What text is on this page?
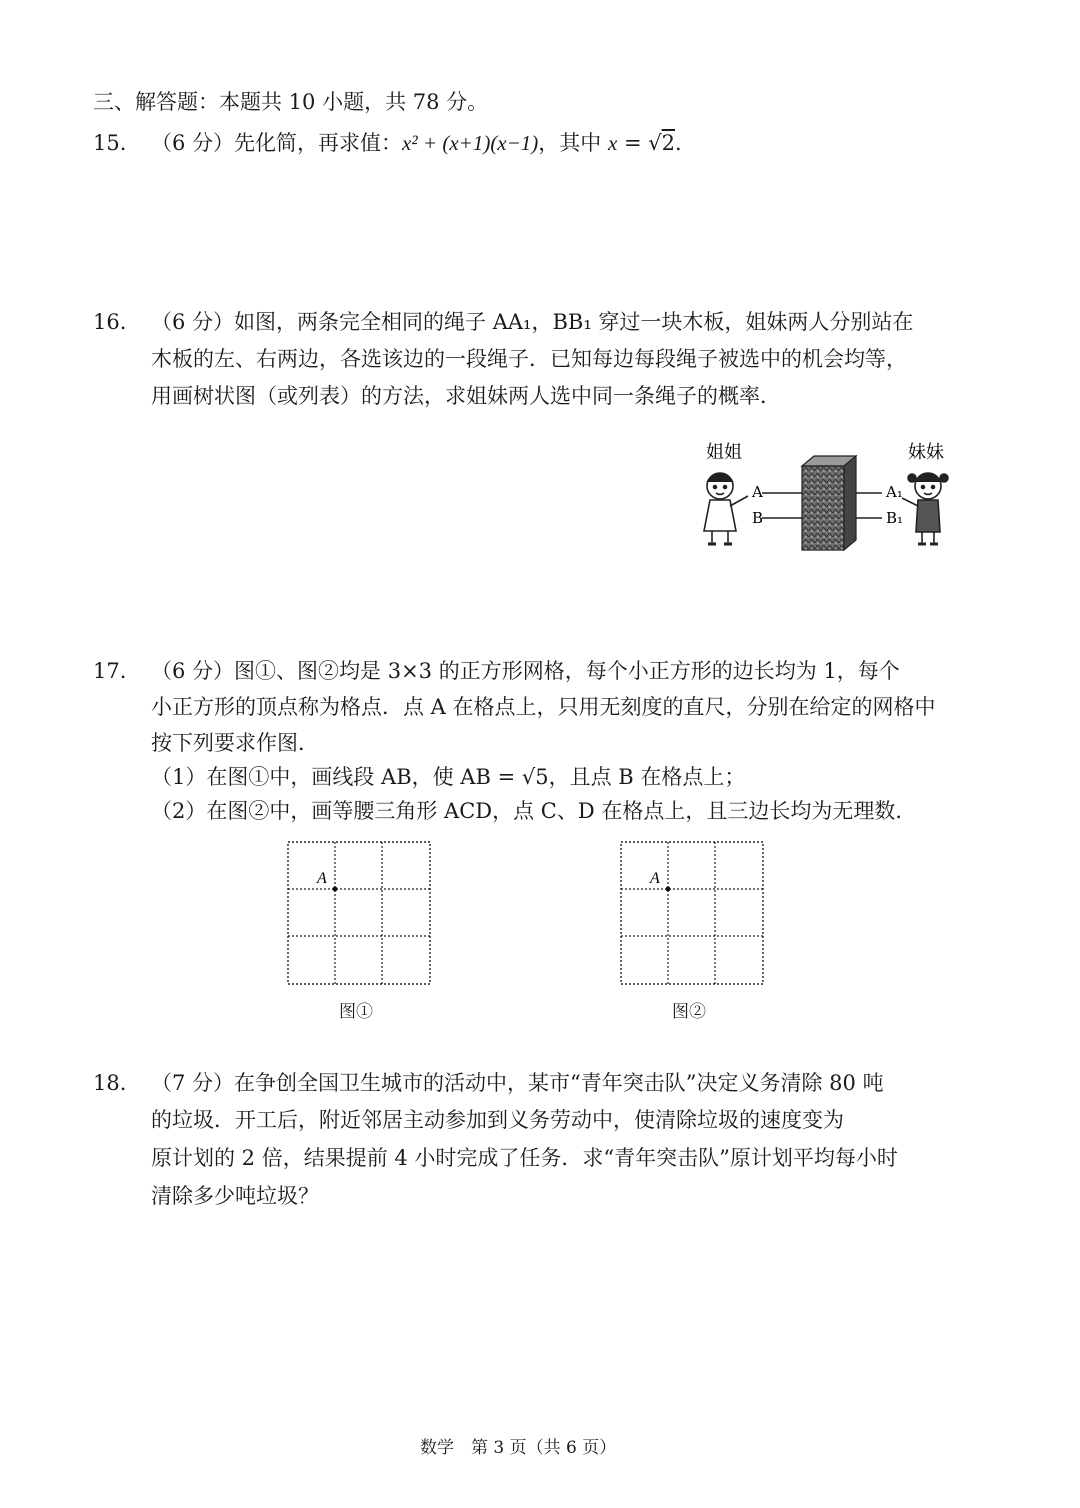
三、解答题：本题共 10 小题，共 78 分。
15. （6 分）先化简，再求值：x² + (x+1)(x−1)，其中 x = √2.
16. （6 分）如图，两条完全相同的绳子 AA₁，BB₁ 穿过一块木板，姐妹两人分别站在
木板的左、右两边，各选该边的一段绳子．已知每边每段绳子被选中的机会均等，
用画树状图（或列表）的方法，求姐妹两人选中同一条绳子的概率．
姐姐	妹妹
A
B
A₁
B₁
17. （6 分）图①、图②均是 3×3 的正方形网格，每个小正方形的边长均为 1，每个
小正方形的顶点称为格点．点 A 在格点上，只用无刻度的直尺，分别在给定的网格中
按下列要求作图．
（1）在图①中，画线段 AB，使 AB = √5，且点 B 在格点上；
（2）在图②中，画等腰三角形 ACD，点 C、D 在格点上，且三边长均为无理数．
A
图①
A
图②
18. （7 分）在争创全国卫生城市的活动中，某市“青年突击队”决定义务清除 80 吨
的垃圾．开工后，附近邻居主动参加到义务劳动中，使清除垃圾的速度变为
原计划的 2 倍，结果提前 4 小时完成了任务．求“青年突击队”原计划平均每小时
清除多少吨垃圾？
数学　第 3 页（共 6 页）
